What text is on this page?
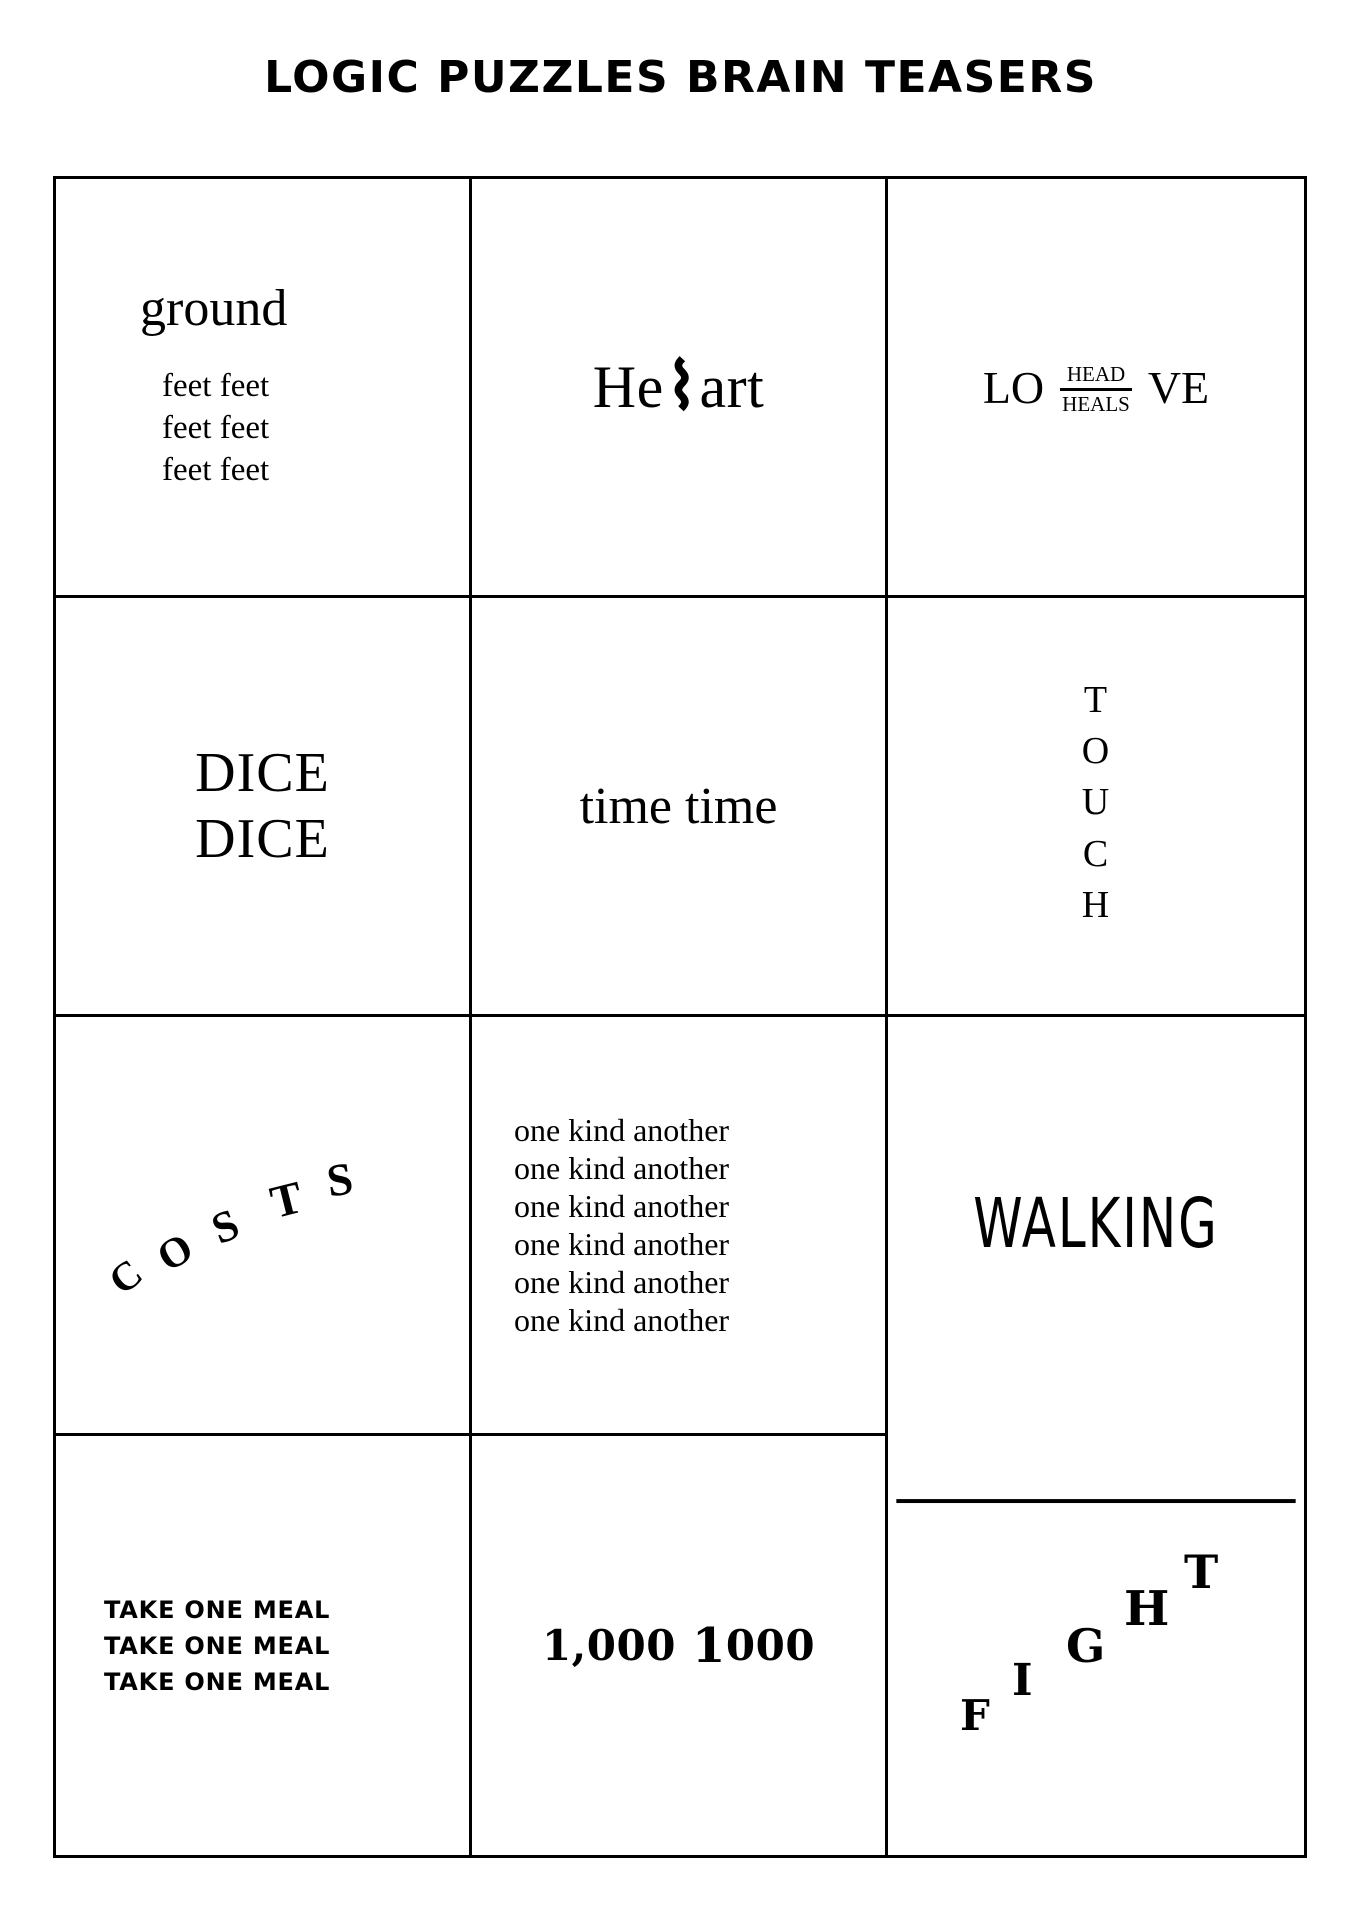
LOGIC PUZZLES BRAIN TEASERS
ground
feet feet
feet feet
feet feet
He ⌇ art	LO $\frac{\text{HEAD}}{\text{HEALS}}$ VE
DICE
DICE
time time
T
O
U
C
H
C O S T S
one kind another
one kind another
one kind another
one kind another
one kind another
one kind another
WALKING
TAKE ONE MEAL
TAKE ONE MEAL
TAKE ONE MEAL
1,000 1 000
F
I
G
H
T
